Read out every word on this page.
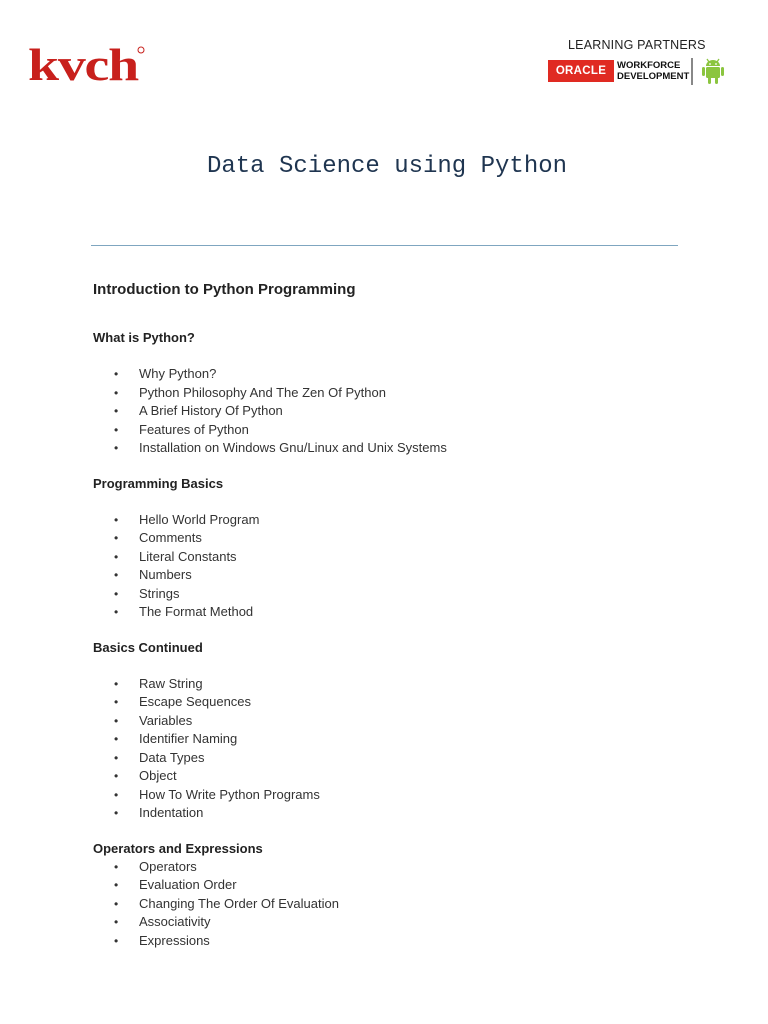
kvch	LEARNING PARTNERS
ORACLE WORKFORCE
DEVELOPMENT
Data Science using Python
Introduction to Python Programming
What is Python?
• Why Python?
• Python Philosophy And The Zen Of Python
• A Brief History Of Python
• Features of Python
• Installation on Windows Gnu/Linux and Unix Systems
Programming Basics
• Hello World Program
• Comments
• Literal Constants
• Numbers
• Strings
• The Format Method
Basics Continued
• Raw String
• Escape Sequences
• Variables
• Identifier Naming
• Data Types
• Object
• How To Write Python Programs
• Indentation
Operators and Expressions
• Operators
• Evaluation Order
• Changing The Order Of Evaluation
• Associativity
• Expressions
